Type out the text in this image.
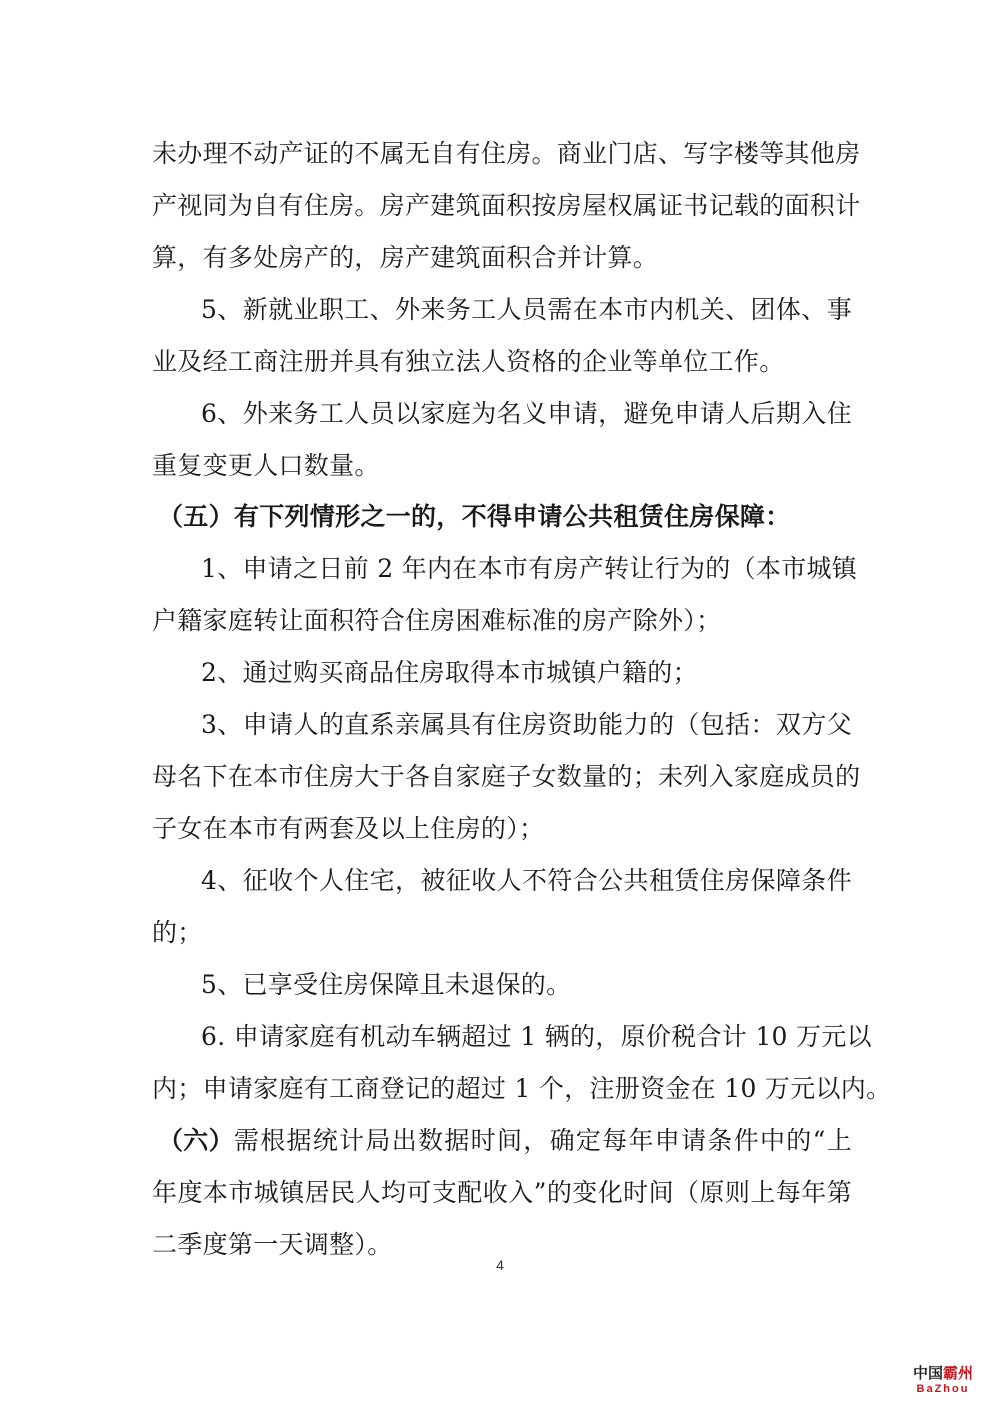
未办理不动产证的不属无自有住房。商业门店、写字楼等其他房
产视同为自有住房。房产建筑面积按房屋权属证书记载的面积计
算，有多处房产的，房产建筑面积合并计算。
5、新就业职工、外来务工人员需在本市内机关、团体、事
业及经工商注册并具有独立法人资格的企业等单位工作。
6、外来务工人员以家庭为名义申请，避免申请人后期入住
重复变更人口数量。
（五）有下列情形之一的，不得申请公共租赁住房保障：
1、申请之日前 2 年内在本市有房产转让行为的（本市城镇
户籍家庭转让面积符合住房困难标准的房产除外）；
2、通过购买商品住房取得本市城镇户籍的；
3、申请人的直系亲属具有住房资助能力的（包括：双方父
母名下在本市住房大于各自家庭子女数量的；未列入家庭成员的
子女在本市有两套及以上住房的）；
4、征收个人住宅，被征收人不符合公共租赁住房保障条件
的；
5、已享受住房保障且未退保的。
6. 申请家庭有机动车辆超过 1 辆的，原价税合计 10 万元以
内；申请家庭有工商登记的超过 1 个，注册资金在 10 万元以内。
（六） 需根据统计局出数据时间，确定每年申请条件中的“上
年度本市城镇居民人均可支配收入”的变化时间（原则上每年第
二季度第一天调整）。
4
中国霸州
BaZhou
